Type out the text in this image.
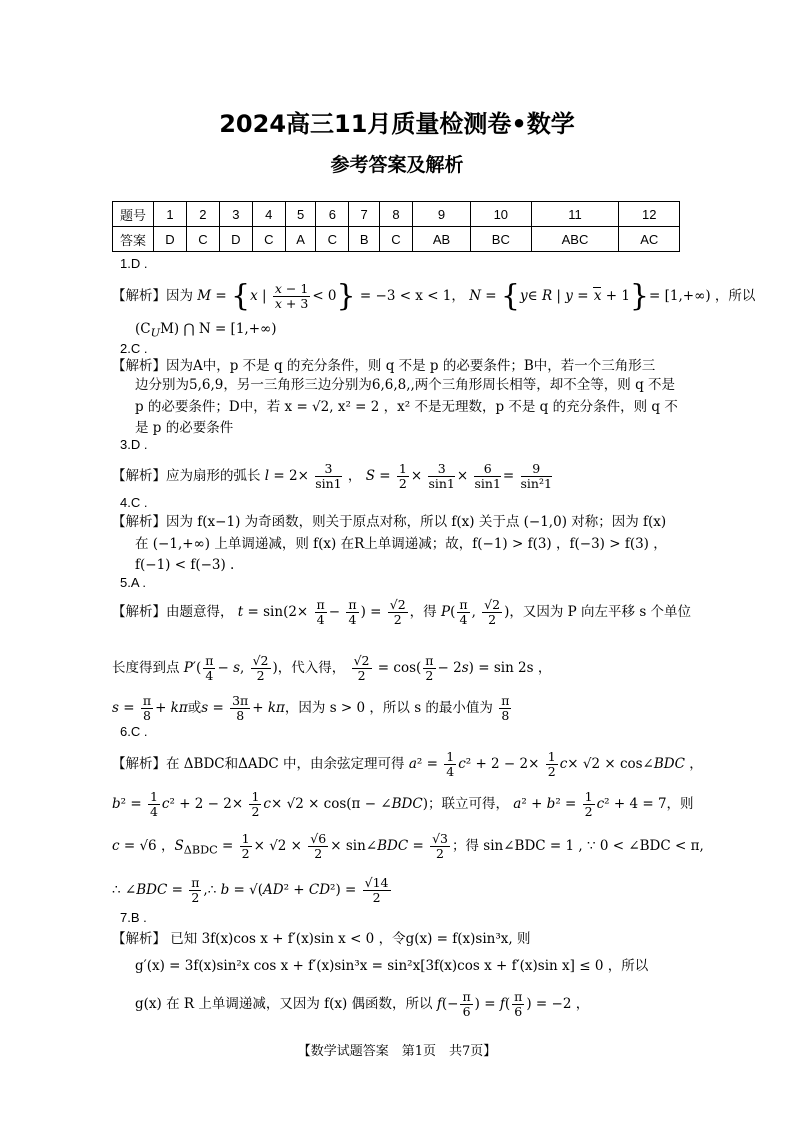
2024高三11月质量检测卷•数学
参考答案及解析
题号	1	2	3	4	5	6	7	8	9	10	11	12
答案	D	C	D	C	A	C	B	C	AB	BC	ABC	AC
1.D .
【解析】因为 M = {x | $\frac{x - 1}{x + 3} < 0\} = -3 < x < 1$， N = {y∈ R | y = x + 1}= [1,+∞) ，所以
$(C_UM)$ ⋂ N = [1,+∞)
2.C .
【解析】因为A中，p 不是 q 的充分条件，则 q 不是 p 的必要条件；B中，若一个三角形三
边分别为5,6,9，另一三角形三边分别为6,6,8,,两个三角形周长相等，却不全等，则 q 不是
p 的必要条件；D中，若 x = √2, x² = 2 ，x² 不是无理数，p 不是 q 的充分条件，则 q 不
是 p 的必要条件
3.D .
【解析】应为扇形的弧长 $l = 2\times \frac{3}{\sin 1}$ ， $S = \frac{1}{2} \times \frac{3}{\sin 1} \times \frac{6}{\sin 1} = \frac{9}{\text{sin²1}}$
4.C .
【解析】因为 f(x−1) 为奇函数，则关于原点对称，所以 f(x) 关于点 (−1,0) 对称；因为 f(x)
在 (−1,+∞) 上单调递减，则 f(x) 在R上单调递减；故，f(−1) > f(3) ，f(−3) > f(3) ，
f(−1) < f(−3) .
5.A .
【解析】由题意得， $t = \sin(2\times \frac{\pi}{4} - \frac{\pi}{4}$ ) = $\frac{√2}{2}$ ，得 $P( \frac{\pi}{4}$ , $\frac{√2}{2}$ )，又因为 P 向左平移 s 个单位
长度得到点 $P'( \frac{\pi}{4} - s$, $\frac{√2}{2}$ )，代入得， $\frac{√2}{2} = \cos( \frac{\pi}{2} - 2s) = \sin 2s$ ，
$s = \frac{\pi}{8} + k\pi$或$s = \frac{3\pi}{8} + k\pi$，因为 s > 0 ，所以 s 的最小值为 $\frac{\pi}{8}$
6.C .
【解析】在 ΔBDC和ΔADC 中，由余弦定理可得 $a^2 = \frac{1}{4} c^2 + 2 - 2\times \frac{1}{2} c\times √2$ × cos∠BDC ，
$b^2 = \frac{1}{4} c^2 + 2 - 2\times \frac{1}{2} c\times √2 \times \cos(\pi$ − ∠BDC)；联立可得， $a^2 + b^2 = \frac{1}{2} c^2 + 4 = 7$，则
c = √6 ，$S_{\Delta BDC} = \frac{1}{2} \times √2 \times \frac{√6}{2}$ × sin∠BDC = $\frac{√3}{2}$ ；得 sin∠BDC = 1 , ∵ 0 < ∠BDC < π,
∴ ∠BDC = $\frac{\pi}{2}$ ,∴ $b = √(AD^2 + CD^2) = \frac{√14}{2}$
7.B .
【解析】 已知 3f(x)cos x + f′(x)sin x < 0 ，令g(x) = f(x)sin³x, 则
g′(x) = 3f(x)sin²x cos x + f′(x)sin³x = sin²x[3f(x)cos x + f′(x)sin x] ≤ 0 ，所以
g(x) 在 R 上单调递减，又因为 f(x) 偶函数，所以 $f(- \frac{\pi}{6}$ ) = $f( \frac{\pi}{6}$ ) = −2 ，
【数学试题答案　第1页　共7页】
